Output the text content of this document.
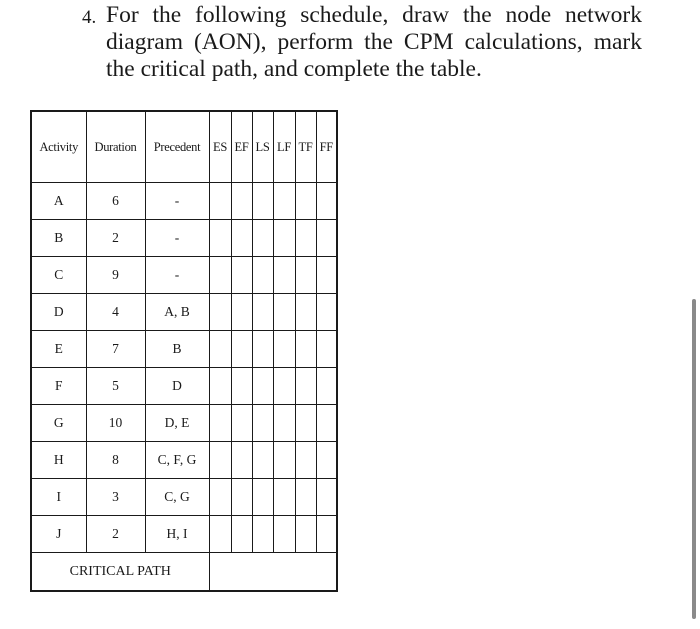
4. For the following schedule, draw the node network
diagram (AON), perform the CPM calculations, mark
the critical path, and complete the table.
Activity	Duration	Precedent	ES	EF	LS	LF	TF	FF
A	6	-						
B	2	-						
C	9	-						
D	4	A, B						
E	7	B						
F	5	D						
G	10	D, E						
H	8	C, F, G						
I	3	C, G						
J	2	H, I						
CRITICAL PATH								
